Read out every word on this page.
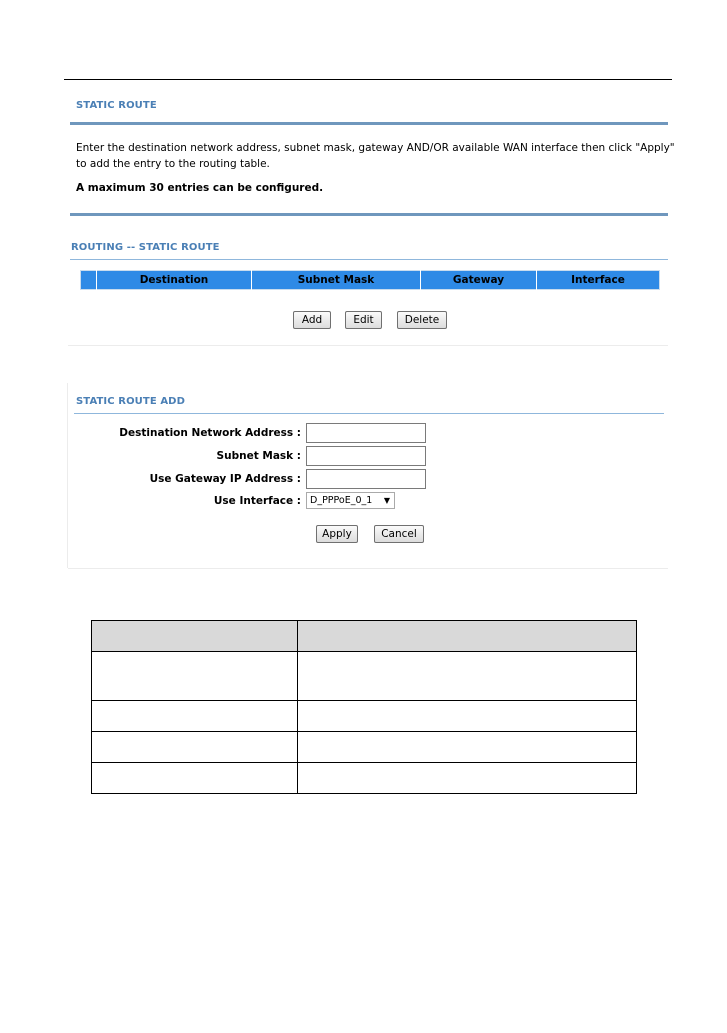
STATIC ROUTE
Enter the destination network address, subnet mask, gateway AND/OR available WAN interface then click "Apply" to add the entry to the routing table.
A maximum 30 entries can be configured.
ROUTING -- STATIC ROUTE
	Destination	Subnet Mask	Gateway	Interface
Add	Edit	Delete
STATIC ROUTE ADD
Destination Network Address :
Subnet Mask :
Use Gateway IP Address :
Use Interface : D_PPPoE_0_1 ▼
Apply	Cancel
